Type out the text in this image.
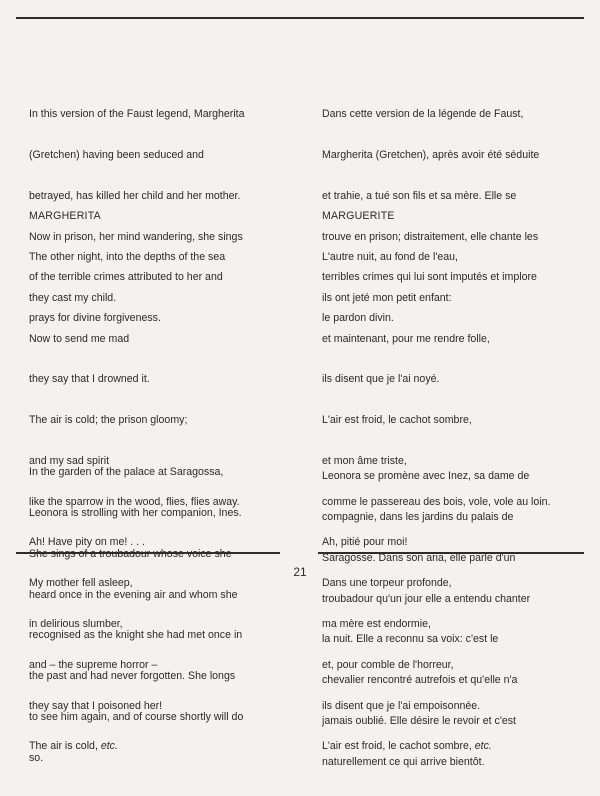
In this version of the Faust legend, Margherita

(Gretchen) having been seduced and

betrayed, has killed her child and her mother.

Now in prison, her mind wandering, she sings

of the terrible crimes attributed to her and

prays for divine forgiveness.

MARGHERITA

The other night, into the depths of the sea

they cast my child.

Now to send me mad

they say that I drowned it.

The air is cold; the prison gloomy;

and my sad spirit

like the sparrow in the wood, flies, flies away.

Ah! Have pity on me! . . .

My mother fell asleep,

in delirious slumber,

and – the supreme horror –

they say that I poisoned her!

The air is cold, etc.

In the garden of the palace at Saragossa,

Leonora is strolling with her companion, Ines.

She sings of a troubadour whose voice she

heard once in the evening air and whom she

recognised as the knight she had met once in

the past and had never forgotten. She longs

to see him again, and of course shortly will do

so.

Dans cette version de la légende de Faust,

Margherita (Gretchen), après avoir été séduite

et trahie, a tué son fils et sa mère. Elle se

trouve en prison; distraitement, elle chante les

terribles crimes qui lui sont imputés et implore

le pardon divin.

MARGUERITE

L'autre nuit, au fond de l'eau,

ils ont jeté mon petit enfant:

et maintenant, pour me rendre folle,

ils disent que je l'ai noyé.

L'air est froid, le cachot sombre,

et mon âme triste,

comme le passereau des bois, vole, vole au loin.

Ah, pitié pour moi!

Dans une torpeur profonde,

ma mère est endormie,

et, pour comble de l'horreur,

ils disent que je l'ai empoisonnée.

L'air est froid, le cachot sombre, etc.

Leonora se promène avec Inez, sa dame de

compagnie, dans les jardins du palais de

Saragosse. Dans son aria, elle parle d'un

troubadour qu'un jour elle a entendu chanter

la nuit. Elle a reconnu sa voix: c'est le

chevalier rencontré autrefois et qu'elle n'a

jamais oublié. Elle désire le revoir et c'est

naturellement ce qui arrive bientôt.

21
